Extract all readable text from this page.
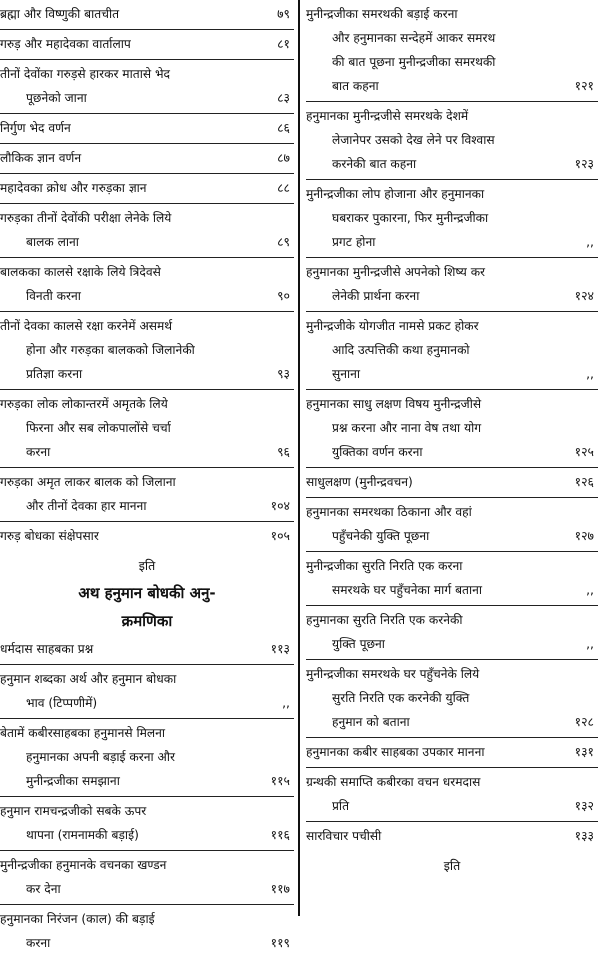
ब्रह्मा और विष्णुकी बातचीत	७९
गरुड़ और महादेवका वार्तालाप	८१
तीनों देवोंका गरुड़से हारकर मातासे भेद
पूछनेको जाना	८३
निर्गुण भेद वर्णन	८६
लौकिक ज्ञान वर्णन	८७
महादेवका क्रोध और गरुड़का ज्ञान	८८
गरुड़का तीनों देवोंकी परीक्षा लेनेके लिये
बालक लाना	८९
बालकका कालसे रक्षाके लिये त्रिदेवसे
विनती करना	९०
तीनों देवका कालसे रक्षा करनेमें असमर्थ
होना और गरुड़का बालकको जिलानेकी
प्रतिज्ञा करना	९३
गरुड़का लोक लोकान्तरमें अमृतके लिये
फिरना और सब लोकपालोंसे चर्चा
करना	९६
गरुड़का अमृत लाकर बालक को जिलाना
और तीनों देवका हार मानना	१०४
गरुड़ बोधका संक्षेपसार	१०५
इति
अथ हनुमान बोधकी अनु-
क्रमणिका
धर्मदास साहबका प्रश्न	११३
हनुमान शब्दका अर्थ और हनुमान बोधका
भाव (टिप्पणीमें)	,,
बेतामें कबीरसाहबका हनुमानसे मिलना
हनुमानका अपनी बड़ाई करना और
मुनीन्द्रजीका समझाना	११५
हनुमान रामचन्द्रजीको सबके ऊपर
थापना (रामनामकी बड़ाई)	११६
मुनीन्द्रजीका हनुमानके वचनका खण्डन
कर देना	११७
हनुमानका निरंजन (काल) की बड़ाई
करना	११९
मुनीन्द्रजीका समरथकी बड़ाई करना
और हनुमानका सन्देहमें आकर समरथ
की बात पूछना मुनीन्द्रजीका समरथकी
बात कहना	१२१
हनुमानका मुनीन्द्रजीसे समरथके देशमें
लेजानेपर उसको देख लेने पर विश्वास
करनेकी बात कहना	१२३
मुनीन्द्रजीका लोप होजाना और हनुमानका
घबराकर पुकारना, फिर मुनीन्द्रजीका
प्रगट होना	,,
हनुमानका मुनीन्द्रजीसे अपनेको शिष्य कर
लेनेकी प्रार्थना करना	१२४
मुनीन्द्रजीके योगजीत नामसे प्रकट होकर
आदि उत्पत्तिकी कथा हनुमानको
सुनाना	,,
हनुमानका साधु लक्षण विषय मुनीन्द्रजीसे
प्रश्न करना और नाना वेष तथा योग
युक्तिका वर्णन करना	१२५
साधुलक्षण (मुनीन्द्रवचन)	१२६
हनुमानका समरथका ठिकाना और वहां
पहुँचनेकी युक्ति पूछना	१२७
मुनीन्द्रजीका सुरति निरति एक करना
समरथके घर पहुँचनेका मार्ग बताना	,,
हनुमानका सुरति निरति एक करनेकी
युक्ति पूछना	,,
मुनीन्द्रजीका समरथके घर पहुँचनेके लिये
सुरति निरति एक करनेकी युक्ति
हनुमान को बताना	१२८
हनुमानका कबीर साहबका उपकार मानना	१३१
ग्रन्थकी समाप्ति कबीरका वचन धरमदास
प्रति	१३२
सारविचार पचीसी	१३३
इति
